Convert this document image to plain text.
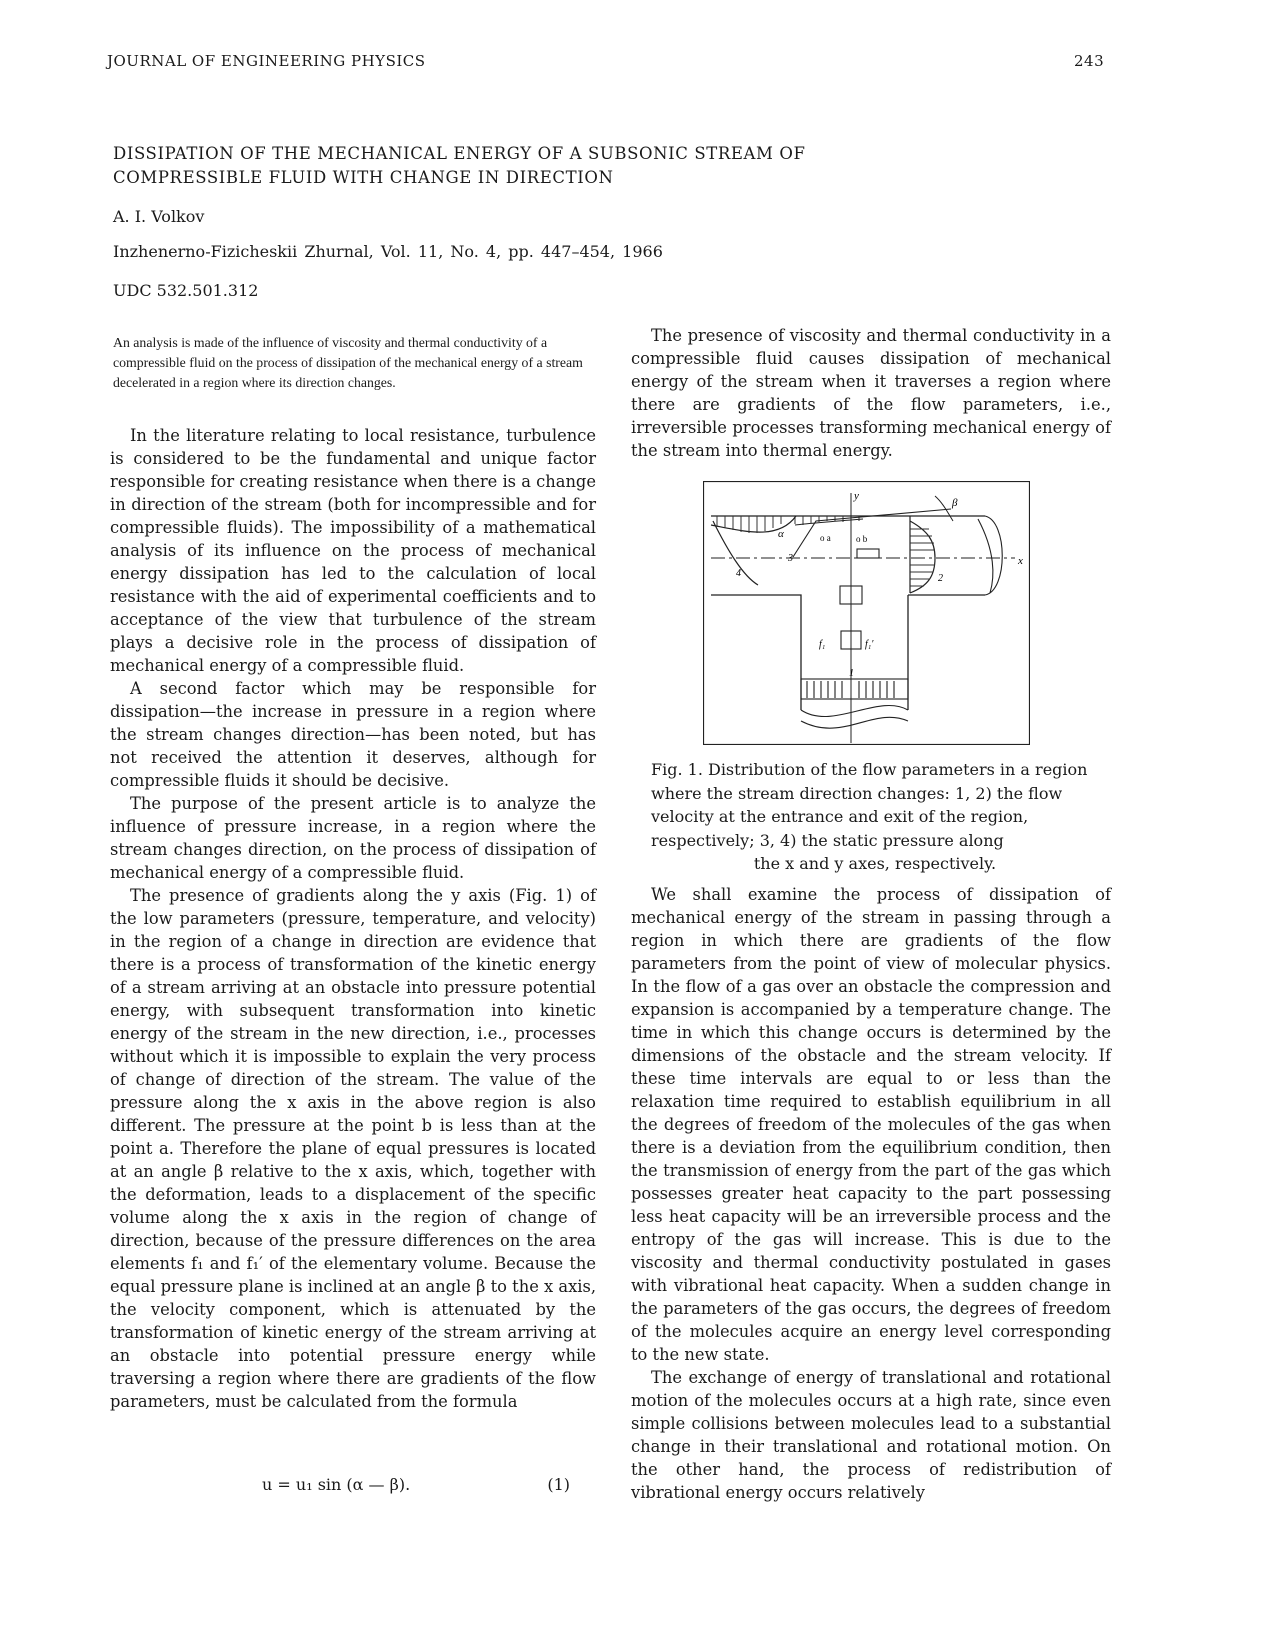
JOURNAL OF ENGINEERING PHYSICS	243
DISSIPATION OF THE MECHANICAL ENERGY OF A SUBSONIC STREAM OF
COMPRESSIBLE FLUID WITH CHANGE IN DIRECTION
A. I. Volkov
Inzhenerno-Fizicheskii Zhurnal, Vol. 11, No. 4, pp. 447–454, 1966
UDC 532.501.312
An analysis is made of the influence of viscosity and thermal conductivity of a compressible fluid on the process of dissipation of the mechanical energy of a stream decelerated in a region where its direction changes.

In the literature relating to local resistance, turbulence is considered to be the fundamental and unique factor responsible for creating resistance when there is a change in direction of the stream (both for incompressible and for compressible fluids). The impossibility of a mathematical analysis of its influence on the process of mechanical energy dissipation has led to the calculation of local resistance with the aid of experimental coefficients and to acceptance of the view that turbulence of the stream plays a decisive role in the process of dissipation of mechanical energy of a compressible fluid.

A second factor which may be responsible for dissipation—the increase in pressure in a region where the stream changes direction—has been noted, but has not received the attention it deserves, although for compressible fluids it should be decisive.

The purpose of the present article is to analyze the influence of pressure increase, in a region where the stream changes direction, on the process of dissipation of mechanical energy of a compressible fluid.

The presence of gradients along the y axis (Fig. 1) of the low parameters (pressure, temperature, and velocity) in the region of a change in direction are evidence that there is a process of transformation of the kinetic energy of a stream arriving at an obstacle into pressure potential energy, with subsequent transformation into kinetic energy of the stream in the new direction, i.e., processes without which it is impossible to explain the very process of change of direction of the stream. The value of the pressure along the x axis in the above region is also different. The pressure at the point b is less than at the point a. Therefore the plane of equal pressures is located at an angle β relative to the x axis, which, together with the deformation, leads to a displacement of the specific volume along the x axis in the region of change of direction, because of the pressure differences on the area elements f₁ and f₁′ of the elementary volume. Because the equal pressure plane is inclined at an angle β to the x axis, the velocity component, which is attenuated by the transformation of kinetic energy of the stream arriving at an obstacle into potential pressure energy while traversing a region where there are gradients of the flow parameters, must be calculated from the formula

u = u₁ sin (α — β).	(1)

The presence of viscosity and thermal conductivity in a compressible fluid causes dissipation of mechanical energy of the stream when it traverses a region where there are gradients of the flow parameters, i.e., irreversible processes transforming mechanical energy of the stream into thermal energy.

y
x
α
β
o a	o b
1
2
3
4
f₁	f₁′
Fig. 1. Distribution of the flow parameters in a region where the stream direction changes: 1, 2) the flow velocity at the entrance and exit of the region, respectively; 3, 4) the static pressure along
the x and y axes, respectively.

We shall examine the process of dissipation of mechanical energy of the stream in passing through a region in which there are gradients of the flow parameters from the point of view of molecular physics. In the flow of a gas over an obstacle the compression and expansion is accompanied by a temperature change. The time in which this change occurs is determined by the dimensions of the obstacle and the stream velocity. If these time intervals are equal to or less than the relaxation time required to establish equilibrium in all the degrees of freedom of the molecules of the gas when there is a deviation from the equilibrium condition, then the transmission of energy from the part of the gas which possesses greater heat capacity to the part possessing less heat capacity will be an irreversible process and the entropy of the gas will increase. This is due to the viscosity and thermal conductivity postulated in gases with vibrational heat capacity. When a sudden change in the parameters of the gas occurs, the degrees of freedom of the molecules acquire an energy level corresponding to the new state.

The exchange of energy of translational and rotational motion of the molecules occurs at a high rate, since even simple collisions between molecules lead to a substantial change in their translational and rotational motion. On the other hand, the process of redistribution of vibrational energy occurs relatively
